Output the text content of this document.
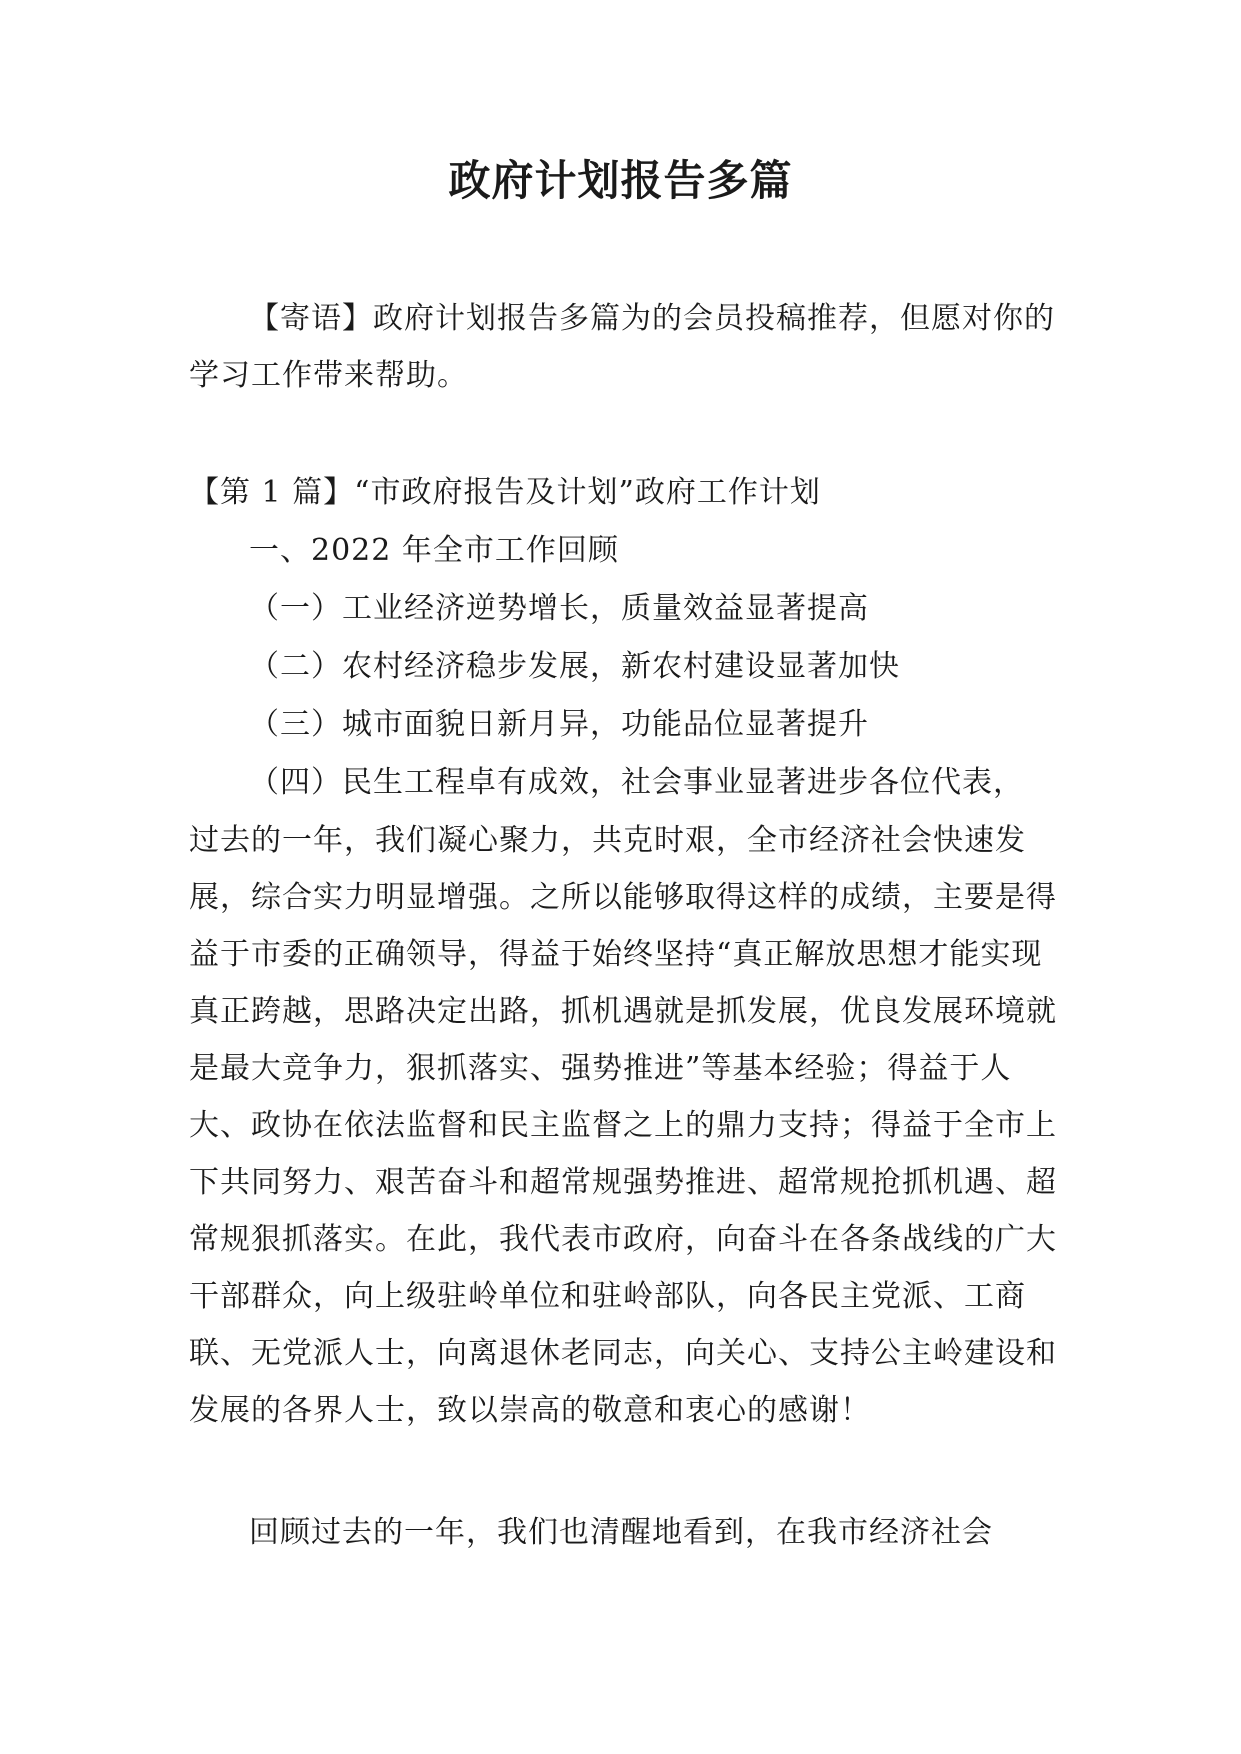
政府计划报告多篇

【寄语】政府计划报告多篇为的会员投稿推荐，但愿对你的学习工作带来帮助。

【第 1 篇】“市政府报告及计划”政府工作计划

一、2022 年全市工作回顾

（一）工业经济逆势增长，质量效益显著提高

（二）农村经济稳步发展，新农村建设显著加快

（三）城市面貌日新月异，功能品位显著提升

（四）民生工程卓有成效，社会事业显著进步各位代表，

过去的一年，我们凝心聚力，共克时艰，全市经济社会快速发展，综合实力明显增强。之所以能够取得这样的成绩，主要是得益于市委的正确领导，得益于始终坚持“真正解放思想才能实现真正跨越，思路决定出路，抓机遇就是抓发展，优良发展环境就是最大竞争力，狠抓落实、强势推进”等基本经验；得益于人大、政协在依法监督和民主监督之上的鼎力支持；得益于全市上下共同努力、艰苦奋斗和超常规强势推进、超常规抢抓机遇、超常规狠抓落实。在此，我代表市政府，向奋斗在各条战线的广大干部群众，向上级驻岭单位和驻岭部队，向各民主党派、工商联、无党派人士，向离退休老同志，向关心、支持公主岭建设和发展的各界人士，致以崇高的敬意和衷心的感谢！

回顾过去的一年，我们也清醒地看到，在我市经济社会
